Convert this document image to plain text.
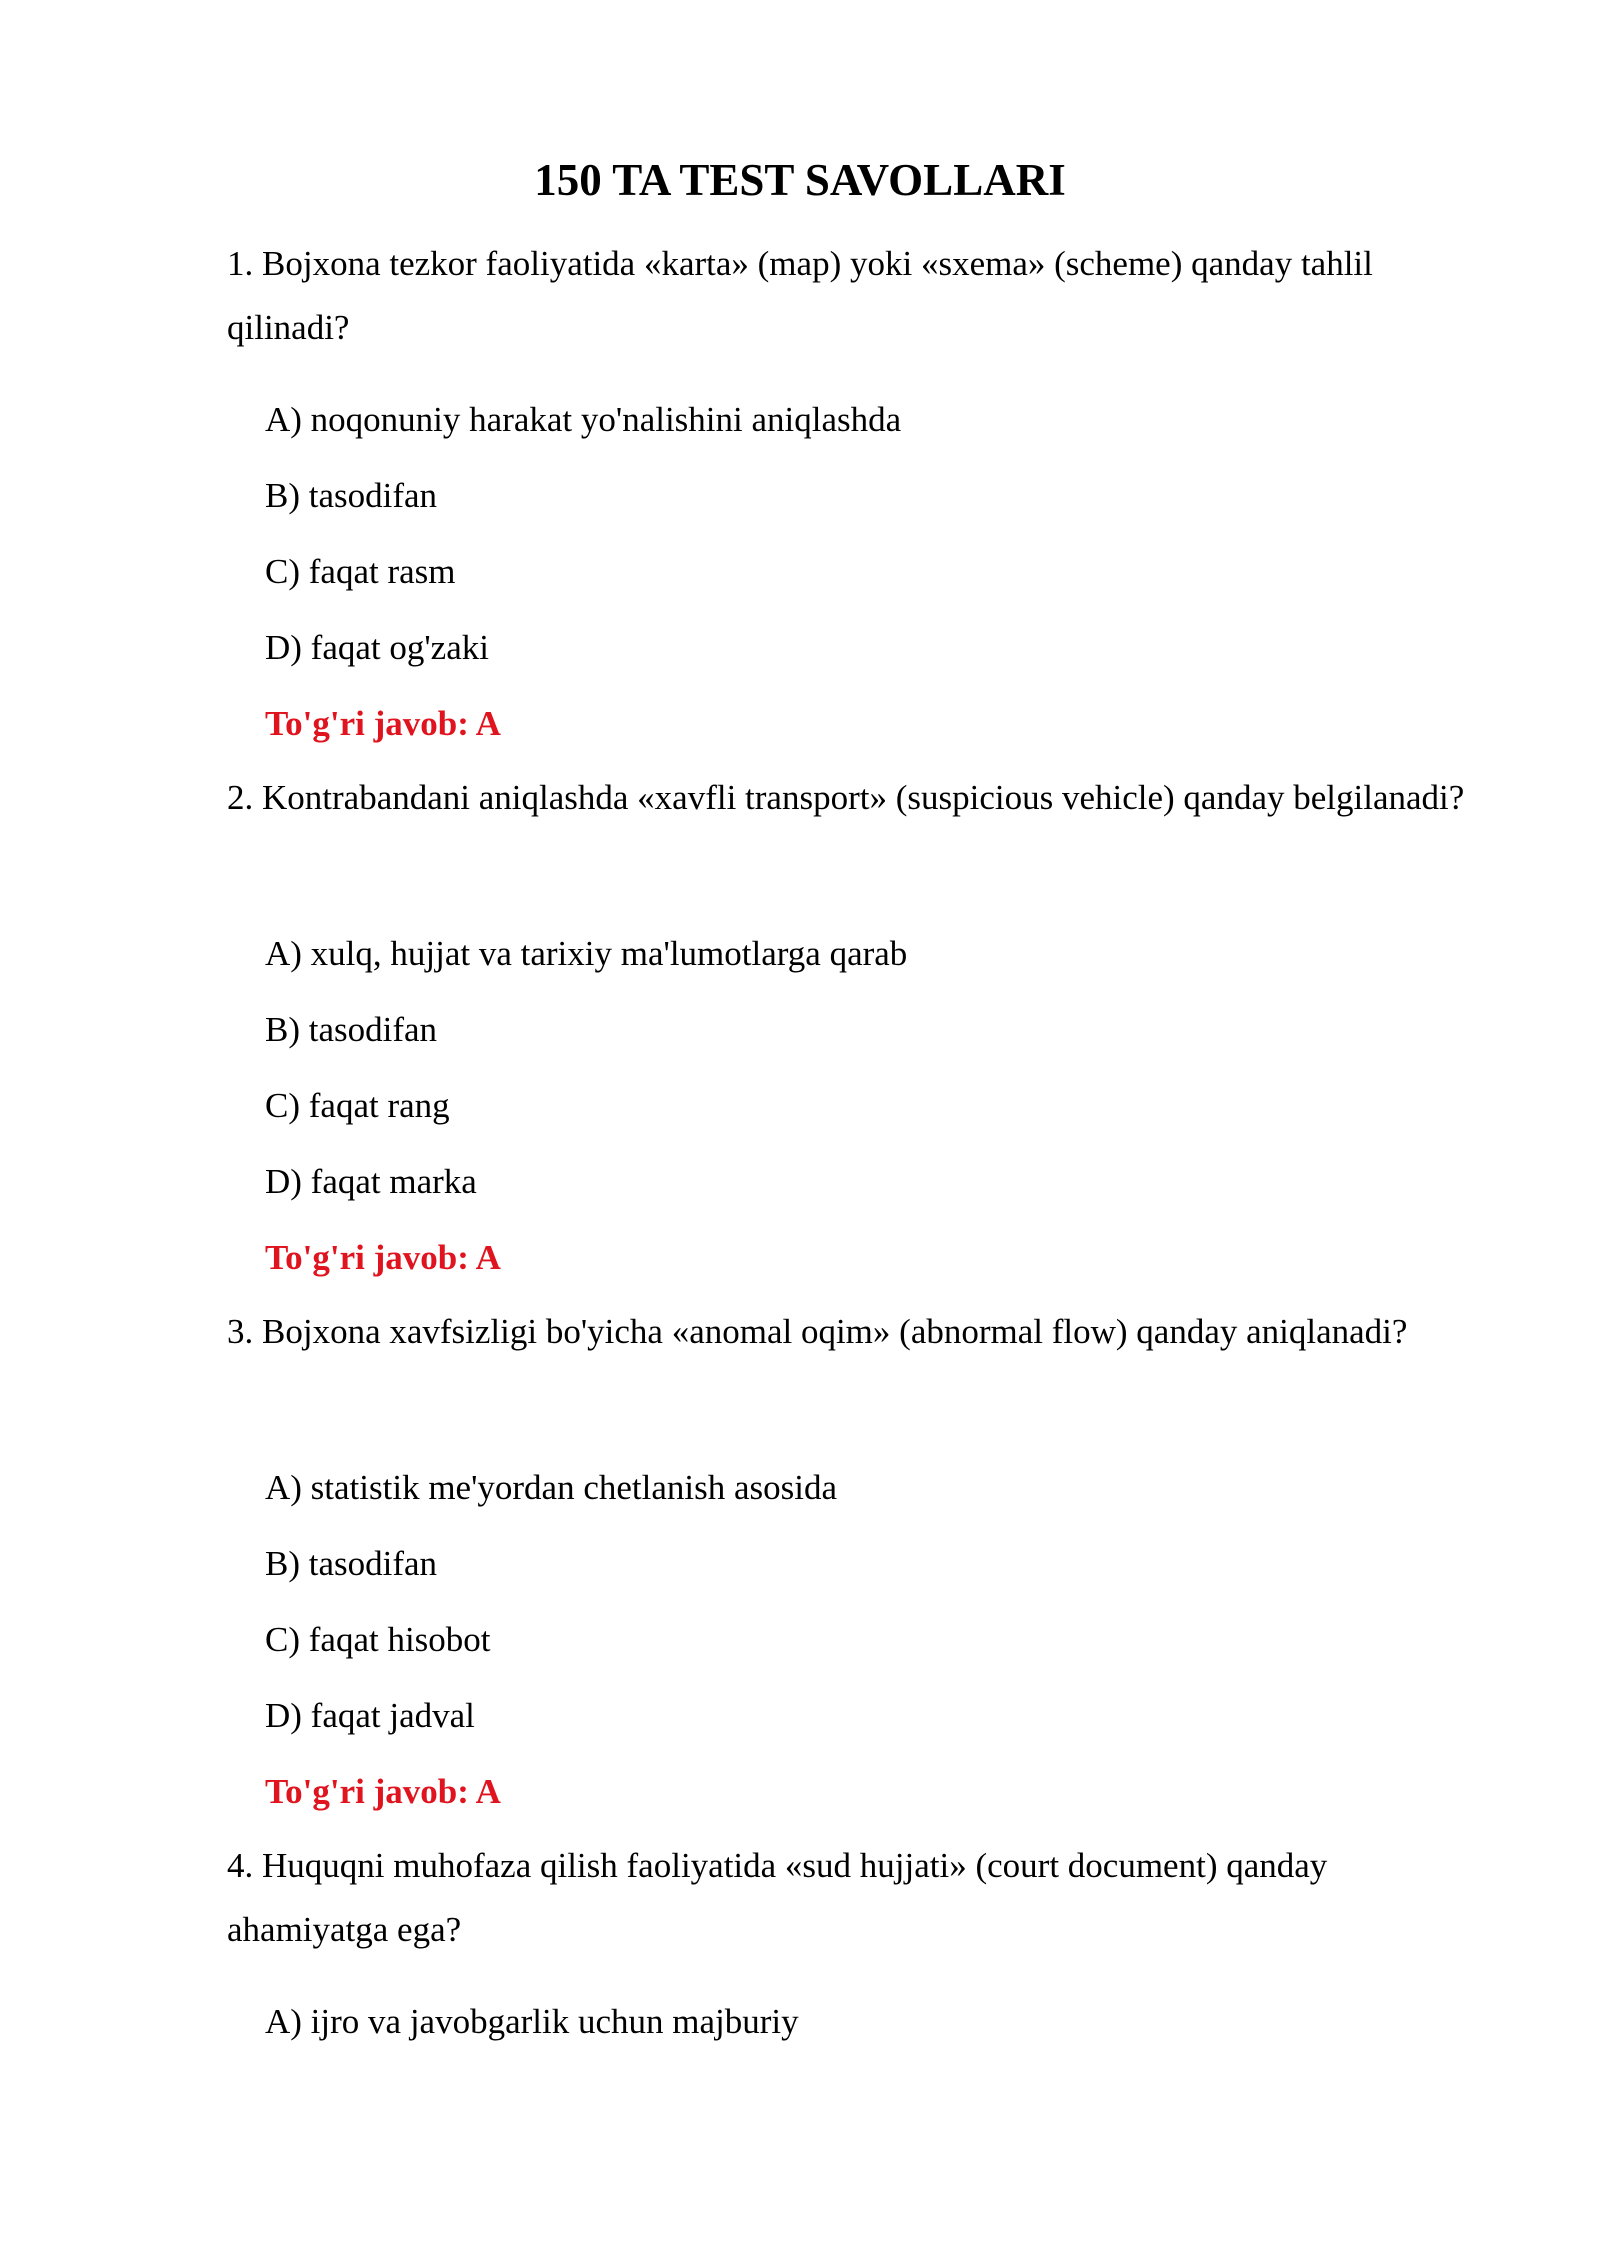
150 TA TEST SAVOLLARI

1. Bojxona tezkor faoliyatida «karta» (map) yoki «sxema» (scheme) qanday tahlil qilinadi?

A) noqonuniy harakat yo'nalishini aniqlashda
B) tasodifan
C) faqat rasm
D) faqat og'zaki
To'g'ri javob: A

2. Kontrabandani aniqlashda «xavfli transport» (suspicious vehicle) qanday belgilanadi?

A) xulq, hujjat va tarixiy ma'lumotlarga qarab
B) tasodifan
C) faqat rang
D) faqat marka
To'g'ri javob: A

3. Bojxona xavfsizligi bo'yicha «anomal oqim» (abnormal flow) qanday aniqlanadi?

A) statistik me'yordan chetlanish asosida
B) tasodifan
C) faqat hisobot
D) faqat jadval
To'g'ri javob: A

4. Huquqni muhofaza qilish faoliyatida «sud hujjati» (court document) qanday ahamiyatga ega?

A) ijro va javobgarlik uchun majburiy
